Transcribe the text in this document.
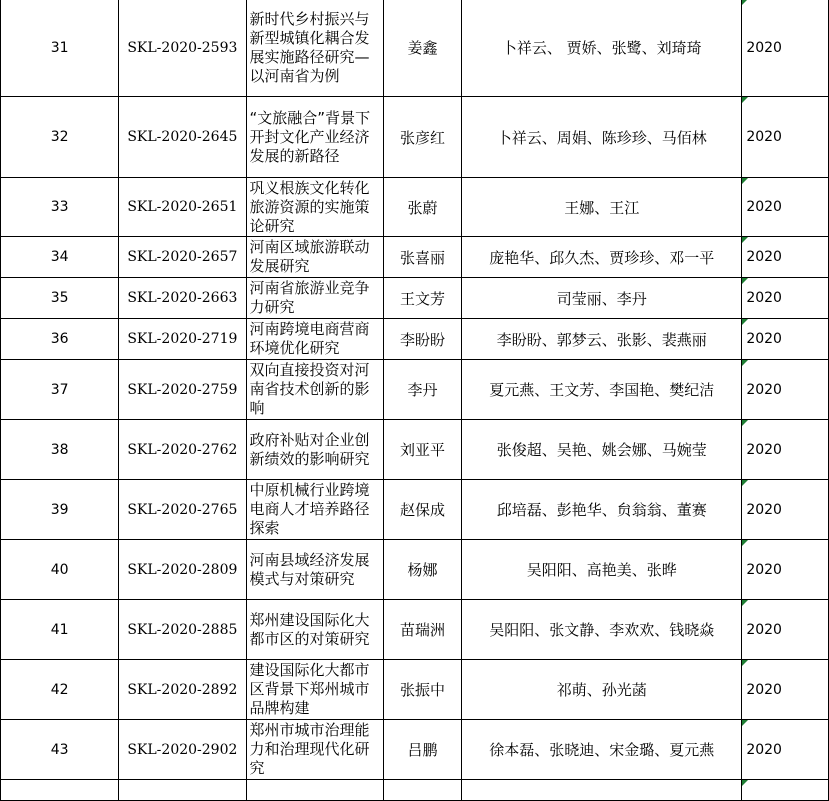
31	SKL-2020-2593	新时代乡村振兴与新型城镇化耦合发展实施路径研究—以河南省为例	姜鑫	卜祥云、 贾娇、张鹭、刘琦琦	2020
32	SKL-2020-2645	“文旅融合”背景下开封文化产业经济发展的新路径	张彦红	卜祥云、周娟、陈珍珍、马佰林	2020
33	SKL-2020-2651	巩义根族文化转化旅游资源的实施策论研究	张蔚	王娜、王江	2020
34	SKL-2020-2657	河南区域旅游联动发展研究	张喜丽	庞艳华、邱久杰、贾珍珍、邓一平	2020
35	SKL-2020-2663	河南省旅游业竞争力研究	王文芳	司莹丽、李丹	2020
36	SKL-2020-2719	河南跨境电商营商环境优化研究	李盼盼	李盼盼、郭梦云、张影、裴燕丽	2020
37	SKL-2020-2759	双向直接投资对河南省技术创新的影响	李丹	夏元燕、王文芳、李国艳、樊纪洁	2020
38	SKL-2020-2762	政府补贴对企业创新绩效的影响研究	刘亚平	张俊超、吴艳、姚会娜、马婉莹	2020
39	SKL-2020-2765	中原机械行业跨境电商人才培养路径探索	赵保成	邱培磊、彭艳华、贠翁翁、董赛	2020
40	SKL-2020-2809	河南县域经济发展模式与对策研究	杨娜	吴阳阳、高艳美、张晔	2020
41	SKL-2020-2885	郑州建设国际化大都市区的对策研究	苗瑞洲	吴阳阳、张文静、李欢欢、钱晓焱	2020
42	SKL-2020-2892	建设国际化大都市区背景下郑州城市品牌构建	张振中	祁萌、孙光菡	2020
43	SKL-2020-2902	郑州市城市治理能力和治理现代化研究	吕鹏	徐本磊、张晓迪、宋金璐、夏元燕	2020
